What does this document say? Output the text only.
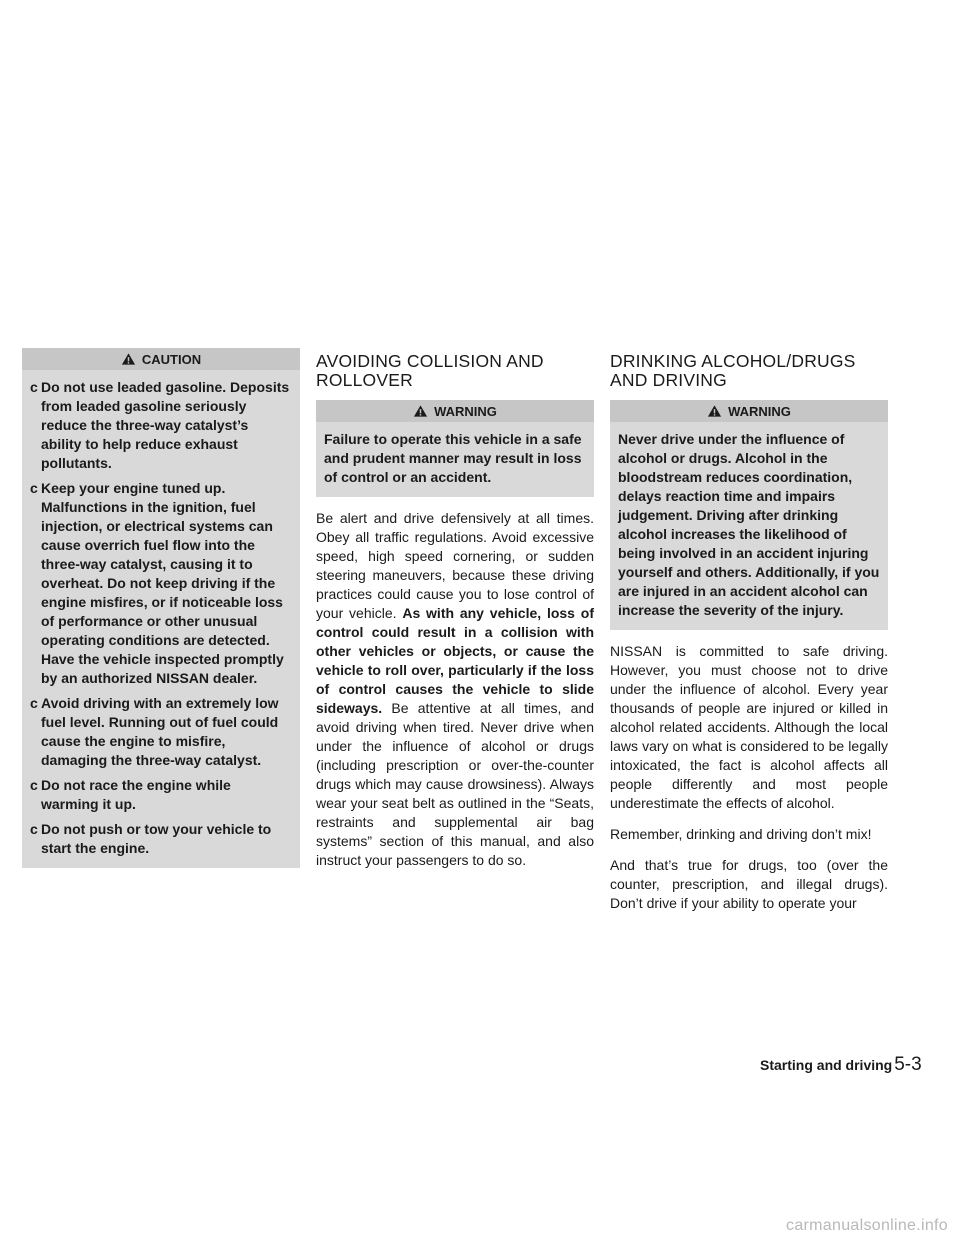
CAUTION
c Do not use leaded gasoline. Deposits from leaded gasoline seriously reduce the three-way catalyst’s ability to help reduce exhaust pollutants.
c Keep your engine tuned up. Malfunctions in the ignition, fuel injection, or electrical systems can cause overrich fuel flow into the three-way catalyst, causing it to overheat. Do not keep driving if the engine misfires, or if noticeable loss of performance or other unusual operating conditions are detected. Have the vehicle inspected promptly by an authorized NISSAN dealer.
c Avoid driving with an extremely low fuel level. Running out of fuel could cause the engine to misfire, damaging the three-way catalyst.
c Do not race the engine while warming it up.
c Do not push or tow your vehicle to start the engine.
AVOIDING COLLISION AND ROLLOVER
WARNING

Failure to operate this vehicle in a safe and prudent manner may result in loss of control or an accident.

Be alert and drive defensively at all times. Obey all traffic regulations. Avoid excessive speed, high speed cornering, or sudden steering maneuvers, because these driving practices could cause you to lose control of your vehicle. As with any vehicle, loss of control could result in a collision with other vehicles or objects, or cause the vehicle to roll over, particularly if the loss of control causes the vehicle to slide sideways. Be attentive at all times, and avoid driving when tired. Never drive when under the influence of alcohol or drugs (including prescription or over-the-counter drugs which may cause drowsiness). Always wear your seat belt as outlined in the “Seats, restraints and supplemental air bag systems” section of this manual, and also instruct your passengers to do so.

DRINKING ALCOHOL/DRUGS AND DRIVING
WARNING

Never drive under the influence of alcohol or drugs. Alcohol in the bloodstream reduces coordination, delays reaction time and impairs judgement. Driving after drinking alcohol increases the likelihood of being involved in an accident injuring yourself and others. Additionally, if you are injured in an accident alcohol can increase the severity of the injury.

NISSAN is committed to safe driving. However, you must choose not to drive under the influence of alcohol. Every year thousands of people are injured or killed in alcohol related accidents. Although the local laws vary on what is considered to be legally intoxicated, the fact is alcohol affects all people differently and most people underestimate the effects of alcohol.

Remember, drinking and driving don’t mix!

And that’s true for drugs, too (over the counter, prescription, and illegal drugs). Don’t drive if your ability to operate your

Starting and driving 5-3
carmanualsonline.info
